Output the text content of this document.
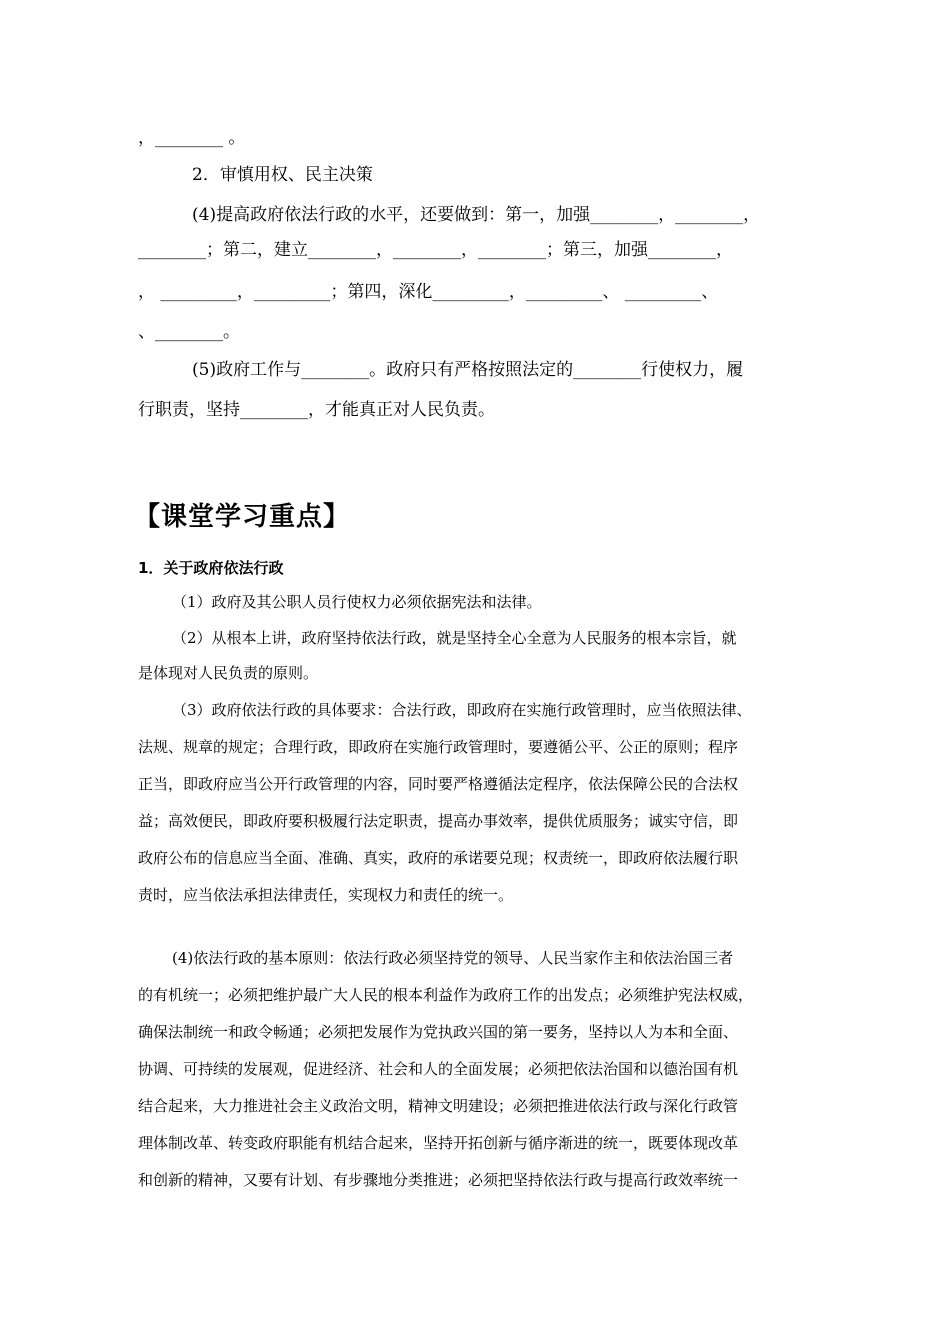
，________ 。
2．审慎用权、民主决策
(4)提高政府依法行政的水平，还要做到：第一，加强________，________，
________；第二，建立________，________，________；第三，加强________，
， _________，_________；第四，深化_________，_________、 _________、
、________。
(5)政府工作与________。政府只有严格按照法定的________行使权力，履
行职责，坚持________，才能真正对人民负责。
【课堂学习重点】
1．关于政府依法行政
（1）政府及其公职人员行使权力必须依据宪法和法律。
（2）从根本上讲，政府坚持依法行政，就是坚持全心全意为人民服务的根本宗旨，就
是体现对人民负责的原则。
（3）政府依法行政的具体要求：合法行政，即政府在实施行政管理时，应当依照法律、
法规、规章的规定；合理行政，即政府在实施行政管理时，要遵循公平、公正的原则；程序
正当，即政府应当公开行政管理的内容，同时要严格遵循法定程序，依法保障公民的合法权
益；高效便民，即政府要积极履行法定职责，提高办事效率，提供优质服务；诚实守信，即
政府公布的信息应当全面、准确、真实，政府的承诺要兑现；权责统一，即政府依法履行职
责时，应当依法承担法律责任，实现权力和责任的统一。
(4)依法行政的基本原则：依法行政必须坚持党的领导、人民当家作主和依法治国三者
的有机统一；必须把维护最广大人民的根本利益作为政府工作的出发点；必须维护宪法权威，
确保法制统一和政令畅通；必须把发展作为党执政兴国的第一要务，坚持以人为本和全面、
协调、可持续的发展观，促进经济、社会和人的全面发展；必须把依法治国和以德治国有机
结合起来，大力推进社会主义政治文明，精神文明建设；必须把推进依法行政与深化行政管
理体制改革、转变政府职能有机结合起来，坚持开拓创新与循序渐进的统一，既要体现改革
和创新的精神，又要有计划、有步骤地分类推进；必须把坚持依法行政与提高行政效率统一
